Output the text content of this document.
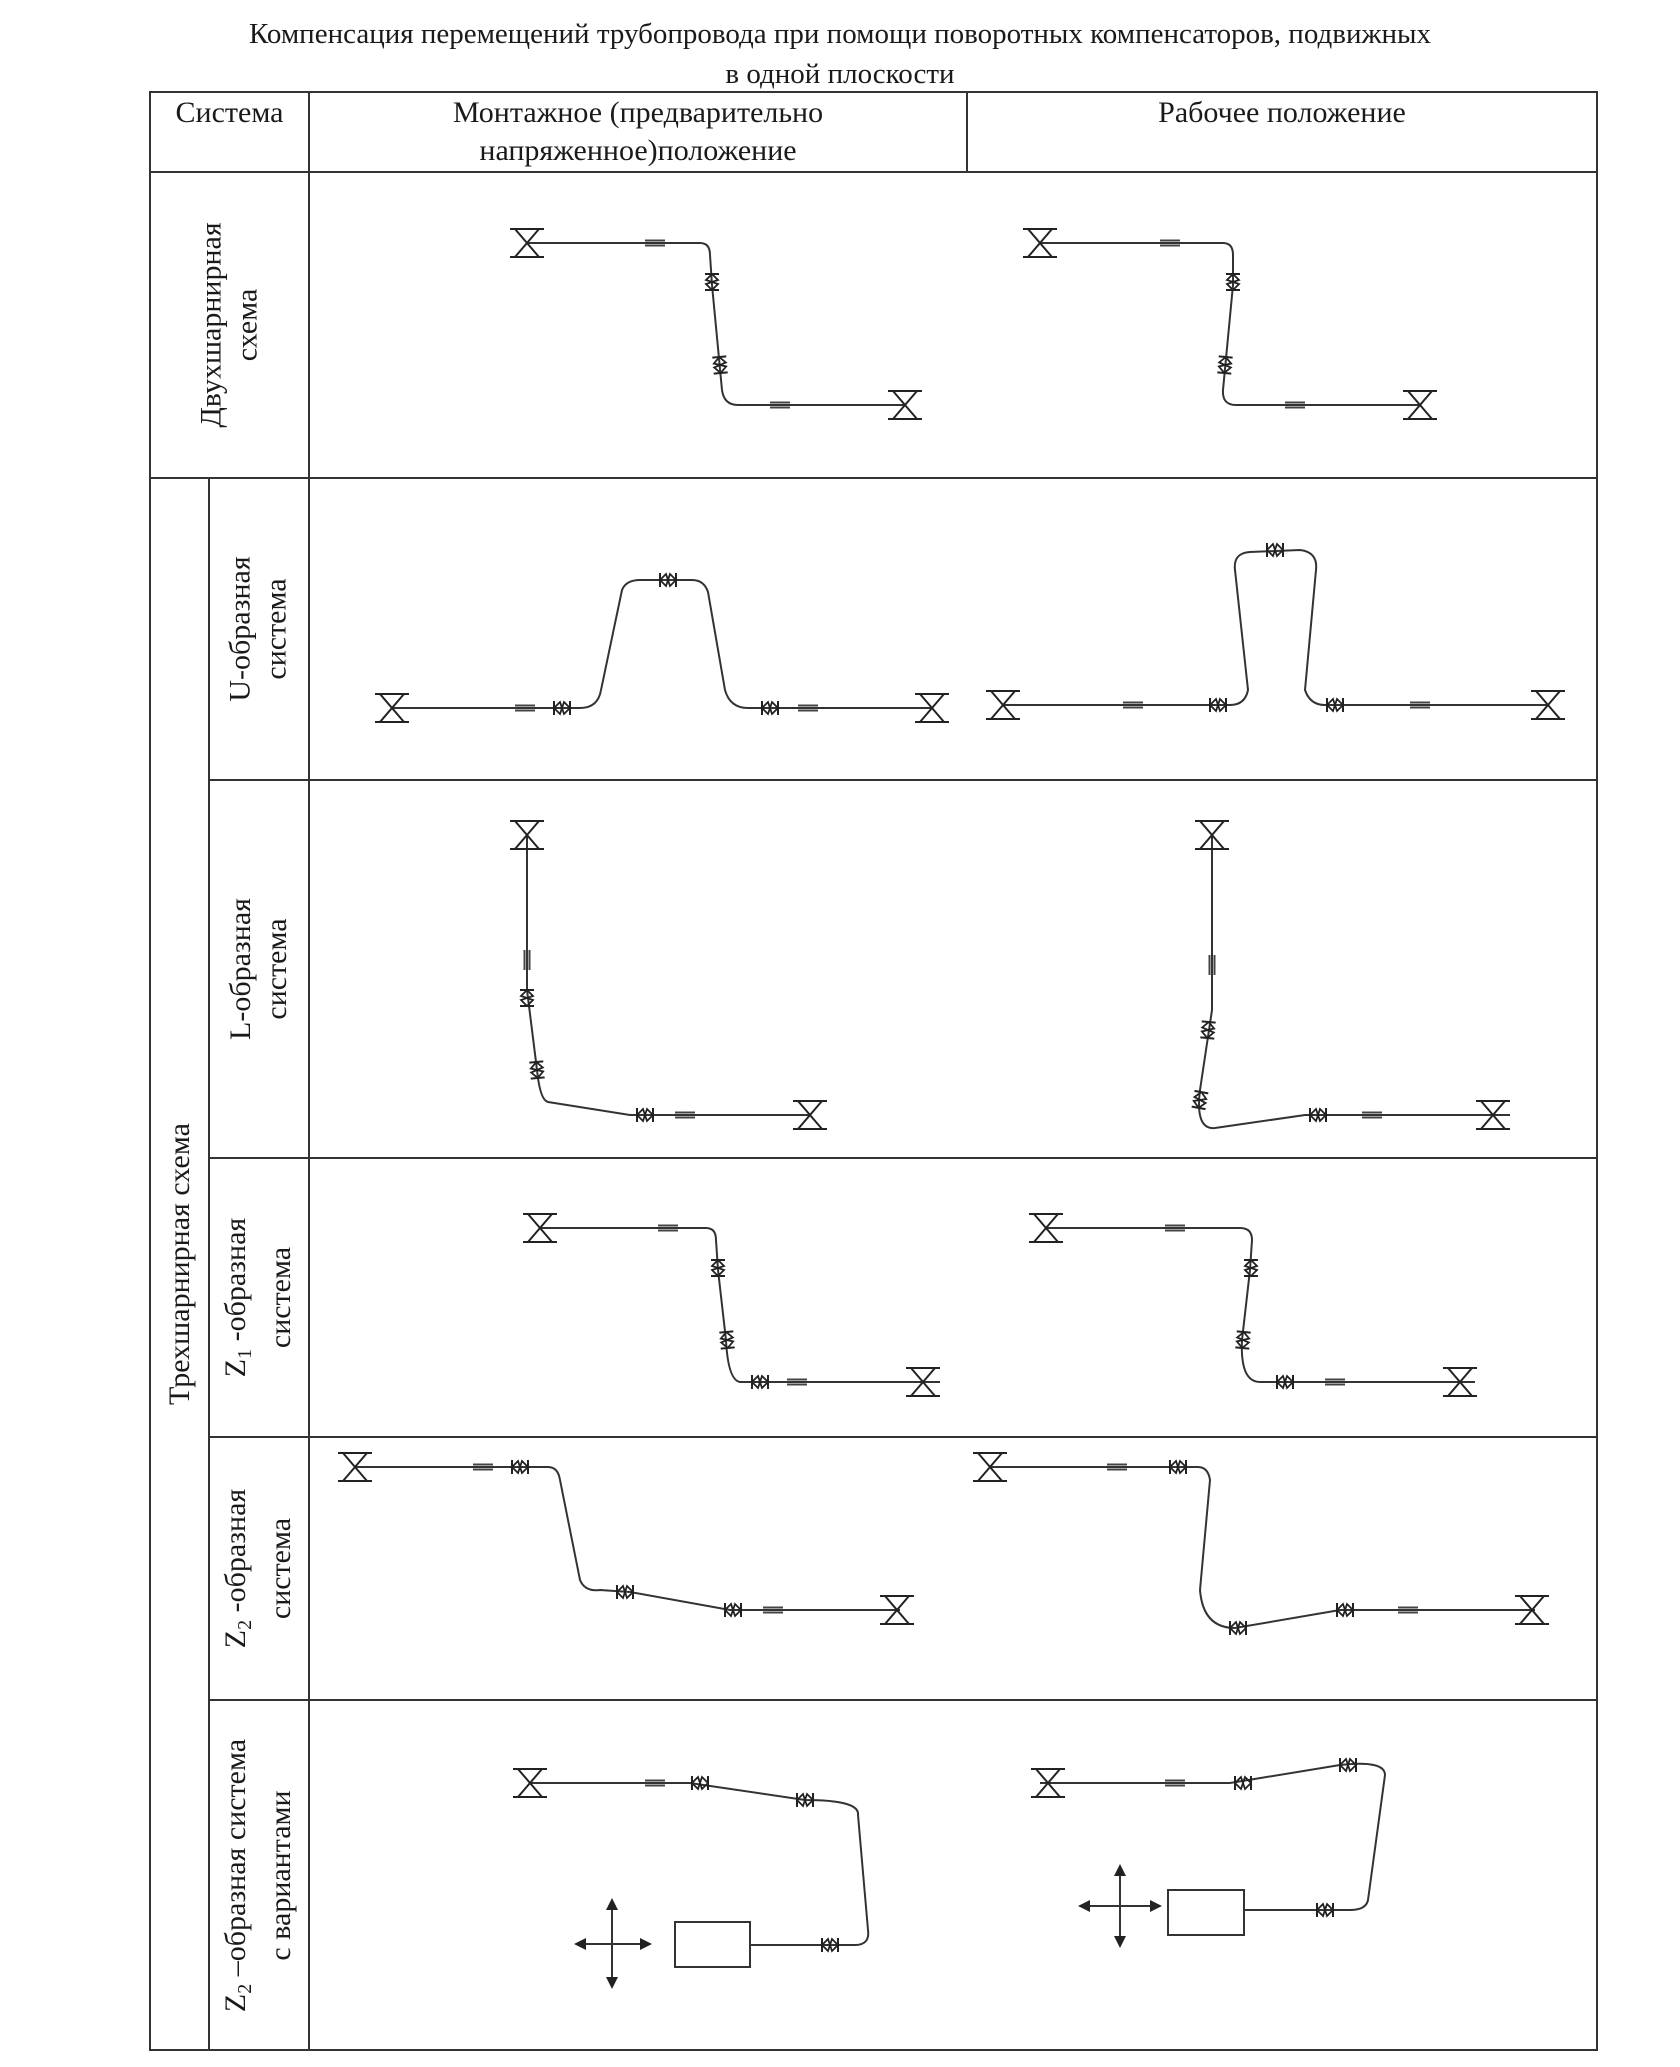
Компенсация перемещений трубопровода при помощи поворотных компенсаторов, подвижных
в одной плоскости
Система	Монтажное (предварительно
напряженное)положение
Рабочее положение
Двухшарнирная схема
Трехшарнирная схема
U-образная система
L-образная система
$Z_1$ -образная система
$Z_2$ -образная система
$Z_2$ –образная система с вариантами
